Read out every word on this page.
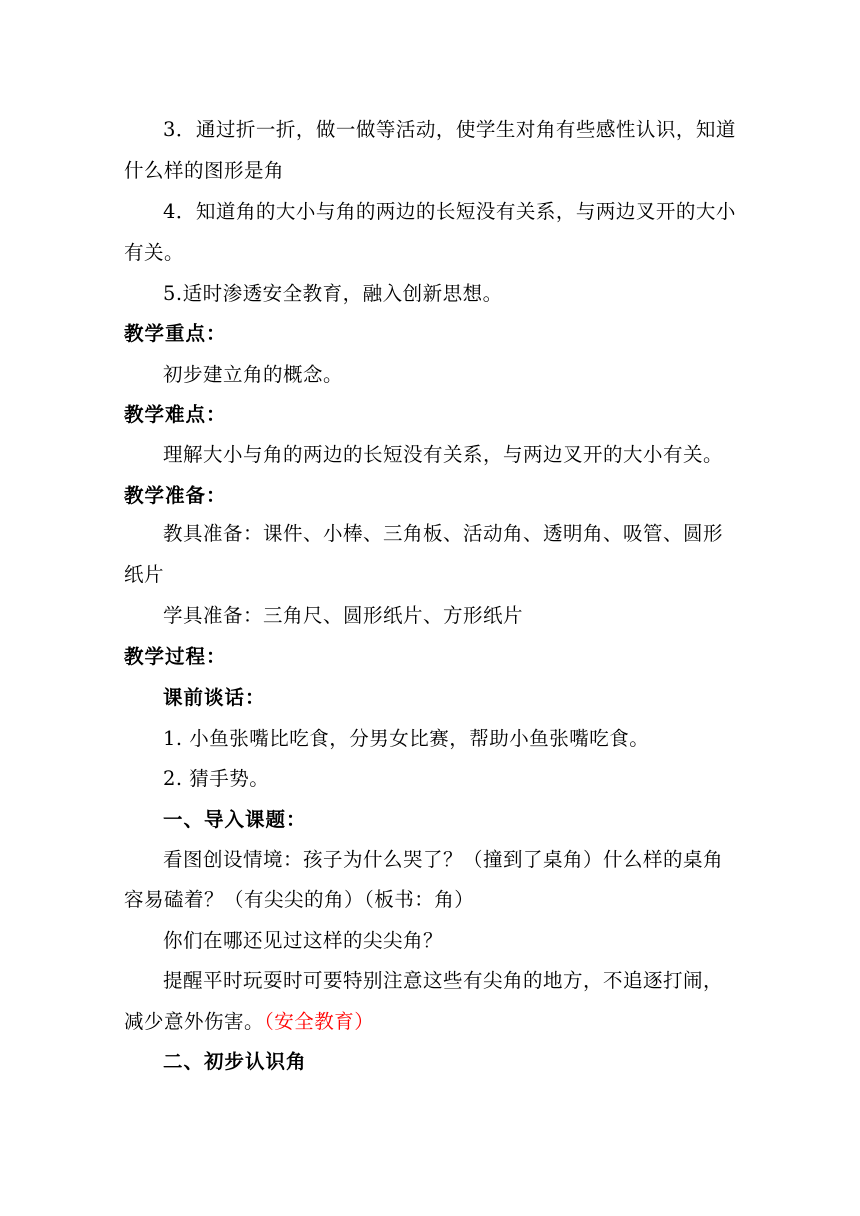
3．通过折一折，做一做等活动，使学生对角有些感性认识，知道
什么样的图形是角
4．知道角的大小与角的两边的长短没有关系，与两边叉开的大小
有关。
5.适时渗透安全教育，融入创新思想。
教学重点：
初步建立角的概念。
教学难点：
理解大小与角的两边的长短没有关系，与两边叉开的大小有关。
教学准备：
教具准备：课件、小棒、三角板、活动角、透明角、吸管、圆形
纸片
学具准备：三角尺、圆形纸片、方形纸片
教学过程：
课前谈话：
1. 小鱼张嘴比吃食，分男女比赛，帮助小鱼张嘴吃食。
2. 猜手势。
一、导入课题：
看图创设情境：孩子为什么哭了？（撞到了桌角）什么样的桌角
容易磕着？（有尖尖的角）（板书：角）
你们在哪还见过这样的尖尖角？
提醒平时玩耍时可要特别注意这些有尖角的地方，不追逐打闹，
减少意外伤害。（安全教育）
二、初步认识角
